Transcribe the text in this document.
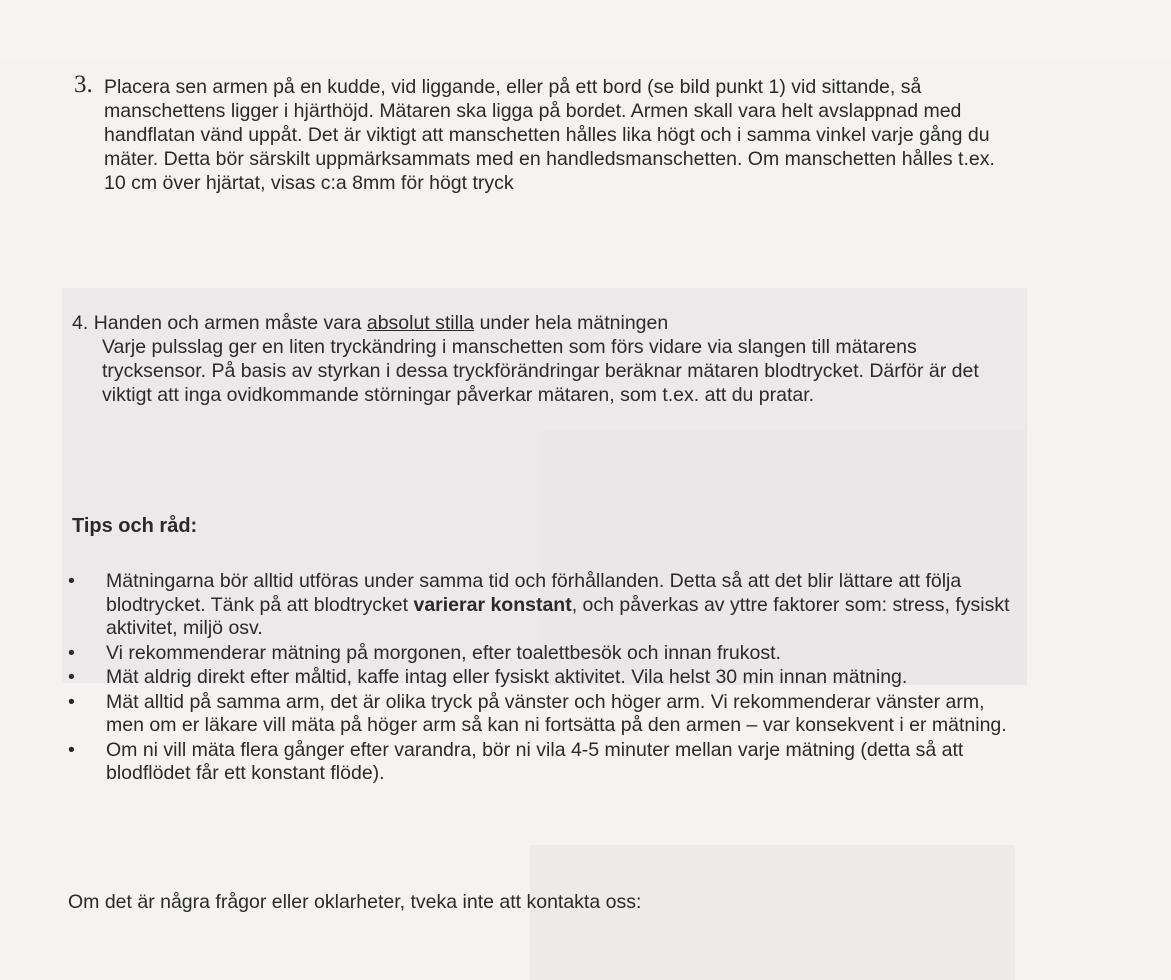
3. Placera sen armen på en kudde, vid liggande, eller på ett bord (se bild punkt 1) vid sittande, så
manschettens ligger i hjärthöjd. Mätaren ska ligga på bordet. Armen skall vara helt avslappnad med handflatan vänd uppåt. Det är viktigt att manschetten hålles lika högt och i samma vinkel varje gång du mäter. Detta bör särskilt uppmärksammats med en handledsmanschetten. Om manschetten hålles t.ex. 10 cm över hjärtat, visas c:a 8mm för högt tryck
4. Handen och armen måste vara absolut stilla under hela mätningen
Varje pulsslag ger en liten tryckändring i manschetten som förs vidare via slangen till mätarens trycksensor. På basis av styrkan i dessa tryckförändringar beräknar mätaren blodtrycket. Därför är det viktigt att inga ovidkommande störningar påverkar mätaren, som t.ex. att du pratar.
Tips och råd:
•	Mätningarna bör alltid utföras under samma tid och förhållanden. Detta så att det blir lättare att följa blodtrycket. Tänk på att blodtrycket varierar konstant, och påverkas av yttre faktorer som: stress, fysiskt aktivitet, miljö osv.
•	Vi rekommenderar mätning på morgonen, efter toalettbesök och innan frukost.
•	Mät aldrig direkt efter måltid, kaffe intag eller fysiskt aktivitet. Vila helst 30 min innan mätning.
•	Mät alltid på samma arm, det är olika tryck på vänster och höger arm. Vi rekommenderar vänster arm, men om er läkare vill mäta på höger arm så kan ni fortsätta på den armen – var konsekvent i er mätning.
•	Om ni vill mäta flera gånger efter varandra, bör ni vila 4-5 minuter mellan varje mätning (detta så att blodflödet får ett konstant flöde).
Om det är några frågor eller oklarheter, tveka inte att kontakta oss:
